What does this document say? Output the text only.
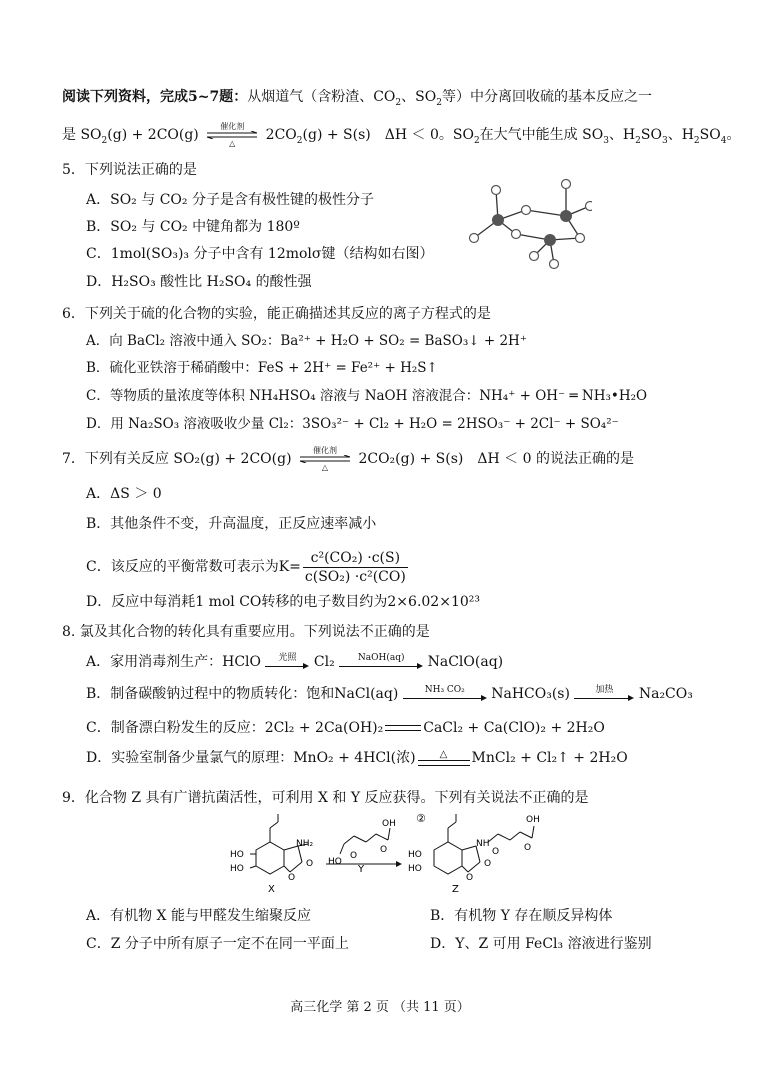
阅读下列资料，完成5~7题：从烟道气（含粉渣、$CO_2$、$SO_2$等）中分离回收硫的基本反应之一
是 $SO_2(g) + 2CO(g)$
催化剂
△
$2CO_2(g) + S(s)$　ΔH ＜ 0。$SO_2$在大气中能生成 $SO_3$、$H_2SO_3$、$H_2SO_4$。
5．下列说法正确的是
A．SO₂ 与 CO₂ 分子是含有极性键的极性分子
B．SO₂ 与 CO₂ 中键角都为 180º
C．1mol(SO₃)₃ 分子中含有 12molσ键（结构如右图）
D．H₂SO₃ 酸性比 H₂SO₄ 的酸性强
6．下列关于硫的化合物的实验，能正确描述其反应的离子方程式的是
A．向 BaCl₂ 溶液中通入 SO₂：Ba²⁺ + H₂O + SO₂ = BaSO₃↓ + 2H⁺
B．硫化亚铁溶于稀硝酸中：FeS + 2H⁺ = Fe²⁺ + H₂S↑
C．等物质的量浓度等体积 NH₄HSO₄ 溶液与 NaOH 溶液混合：NH₄⁺ + OH⁻ ═ NH₃•H₂O
D．用 Na₂SO₃ 溶液吸收少量 Cl₂：3SO₃²⁻ + Cl₂ + H₂O = 2HSO₃⁻ + 2Cl⁻ + SO₄²⁻
7．下列有关反应 SO₂(g) + 2CO(g)
催化剂
△
2CO₂(g) + S(s)　ΔH ＜ 0 的说法正确的是
A．ΔS ＞ 0
B．其他条件不变，升高温度，正反应速率减小
C．该反应的平衡常数可表示为$K= \frac{\text{c²(CO₂) ·c(S)}}{\text{c(SO₂) ·c²(CO)}}$
D．反应中每消耗1 mol CO转移的电子数目约为2×6.02×10²³
8. 氯及其化合物的转化具有重要应用。下列说法不正确的是
A．家用消毒剂生产：HClO	光照	Cl₂	NaOH(aq)	NaClO(aq)
B．制备碳酸钠过程中的物质转化：饱和NaCl(aq)	NH₃ CO₂	NaHCO₃(s)	加热	Na₂CO₃
C．制备漂白粉发生的反应：2Cl₂ + 2Ca(OH)₂	CaCl₂ + Ca(ClO)₂ + 2H₂O
D．实验室制备少量氯气的原理：MnO₂ + 4HCl(浓)	△	MnCl₂ + Cl₂↑ + 2H₂O
9．化合物 Z 具有广谱抗菌活性，可利用 X 和 Y 反应获得。下列有关说法不正确的是
HO
HO
NH₂
O
O
X
OH
HO
O
O
Y
②
HO
HO
NH
OH
O	O
O
O
Z
A．有机物 X 能与甲醛发生缩聚反应	B．有机物 Y 存在顺反异构体
C．Z 分子中所有原子一定不在同一平面上	D．Y、Z 可用 FeCl₃ 溶液进行鉴别
高三化学 第 2 页 （共 11 页）
